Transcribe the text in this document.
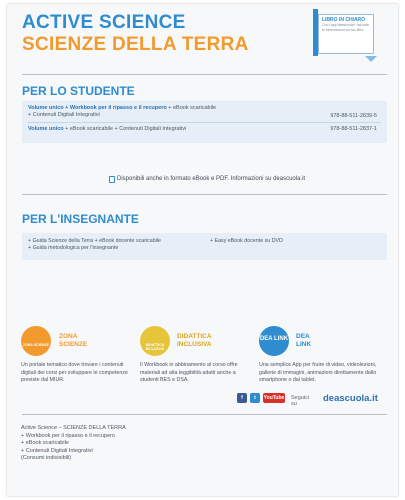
ACTIVE SCIENCE
SCIENZE DELLA TERRA
LIBRO IN CHIARO
Con l'app deascuola+ hai tutte le informazioni sul tuo libro
PER LO STUDENTE
Volume unico + Workbook per il ripasso e il recupero + eBook scaricabile
+ Contenuti Digitali Integrativi	978-88-511-2839-5
Volume unico + eBook scaricabile + Contenuti Digitali Integrativi	978-88-511-2837-1
Disponibili anche in formato eBook e PDF. Informazioni su deascuola.it
PER L'INSEGNANTE
+ Guida Scienze della Terra + eBook docente scaricabile
+ Guida metodologica per l'insegnante
+ Easy eBook docente su DVD
ZONA SCIENZE
ZONA
SCIENZE
Un portale tematico dove trovare i contenuti digitali dei corsi per sviluppare le competenze previste dal MIUR.
DIDATTICA INCLUSIVA
DIDATTICA
INCLUSIVA
Il Workbook in abbinamento al corso offre materiali ad alta leggibilità adatti anche a studenti BES e DSA.
DEA LINK DEA
LINK
Una semplice App per fruire di video, videolezioni, gallerie di immagini, animazioni direttamente dallo smartphone o dal tablet.
f	t	YouTube Seguici su	deascuola.it
Active Science – SCIENZE DELLA TERRA
+ Workbook per il ripasso e il recupero
+ eBook scaricabile
+ Contenuti Digitali Integrativi
(Consumi indivisibili)
